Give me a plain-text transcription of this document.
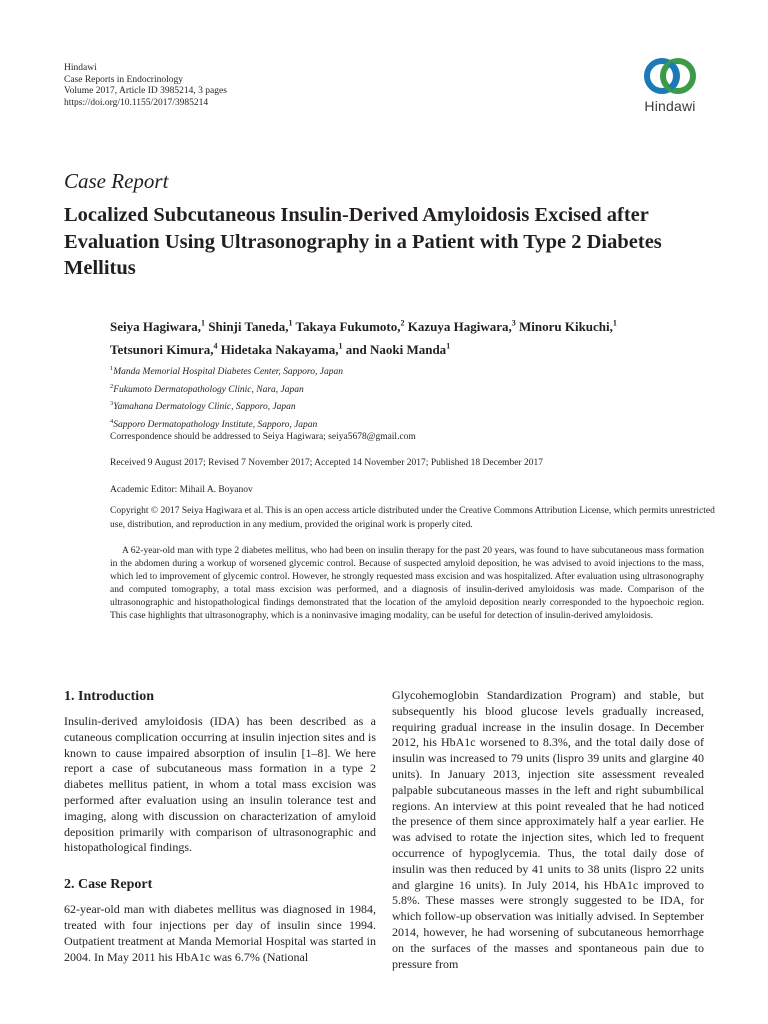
Hindawi
Case Reports in Endocrinology
Volume 2017, Article ID 3985214, 3 pages
https://doi.org/10.1155/2017/3985214	Hindawi
Case Report
Localized Subcutaneous Insulin-Derived Amyloidosis Excised after Evaluation Using Ultrasonography in a Patient with Type 2 Diabetes Mellitus
Seiya Hagiwara,$^1$ Shinji Taneda,$^1$ Takaya Fukumoto,$^2$ Kazuya Hagiwara,$^3$ Minoru Kikuchi,$^1$
Tetsunori Kimura,$^4$ Hidetaka Nakayama,$^1$ and Naoki Manda$^1$
$^1$Manda Memorial Hospital Diabetes Center, Sapporo, Japan
$^2$Fukumoto Dermatopathology Clinic, Nara, Japan
$^3$Yamahana Dermatology Clinic, Sapporo, Japan
$^4$Sapporo Dermatopathology Institute, Sapporo, Japan
Correspondence should be addressed to Seiya Hagiwara; seiya5678@gmail.com
Received 9 August 2017; Revised 7 November 2017; Accepted 14 November 2017; Published 18 December 2017
Academic Editor: Mihail A. Boyanov
Copyright © 2017 Seiya Hagiwara et al. This is an open access article distributed under the Creative Commons Attribution License, which permits unrestricted use, distribution, and reproduction in any medium, provided the original work is properly cited.

A 62-year-old man with type 2 diabetes mellitus, who had been on insulin therapy for the past 20 years, was found to have subcutaneous mass formation in the abdomen during a workup of worsened glycemic control. Because of suspected amyloid deposition, he was advised to avoid injections to the mass, which led to improvement of glycemic control. However, he strongly requested mass excision and was hospitalized. After evaluation using ultrasonography and computed tomography, a total mass excision was performed, and a diagnosis of insulin-derived amyloidosis was made. Comparison of the ultrasonographic and histopathological findings demonstrated that the location of the amyloid deposition nearly corresponded to the hypoechoic region. This case highlights that ultrasonography, which is a noninvasive imaging modality, can be useful for detection of insulin-derived amyloidosis.

1. Introduction

Insulin-derived amyloidosis (IDA) has been described as a cutaneous complication occurring at insulin injection sites and is known to cause impaired absorption of insulin [1–8]. We here report a case of subcutaneous mass formation in a type 2 diabetes mellitus patient, in whom a total mass excision was performed after evaluation using an insulin tolerance test and imaging, along with discussion on characterization of amyloid deposition primarily with comparison of ultrasonographic and histopathological findings.

2. Case Report

62-year-old man with diabetes mellitus was diagnosed in 1984, treated with four injections per day of insulin since 1994. Outpatient treatment at Manda Memorial Hospital was started in 2004. In May 2011 his HbA1c was 6.7% (National

Glycohemoglobin Standardization Program) and stable, but subsequently his blood glucose levels gradually increased, requiring gradual increase in the insulin dosage. In December 2012, his HbA1c worsened to 8.3%, and the total daily dose of insulin was increased to 79 units (lispro 39 units and glargine 40 units). In January 2013, injection site assessment revealed palpable subcutaneous masses in the left and right subumbilical regions. An interview at this point revealed that he had noticed the presence of them since approximately half a year earlier. He was advised to rotate the injection sites, which led to frequent occurrence of hypoglycemia. Thus, the total daily dose of insulin was then reduced by 41 units to 38 units (lispro 22 units and glargine 16 units). In July 2014, his HbA1c improved to 5.8%. These masses were strongly suggested to be IDA, for which follow-up observation was initially advised. In September 2014, however, he had worsening of subcutaneous hemorrhage on the surfaces of the masses and spontaneous pain due to pressure from
